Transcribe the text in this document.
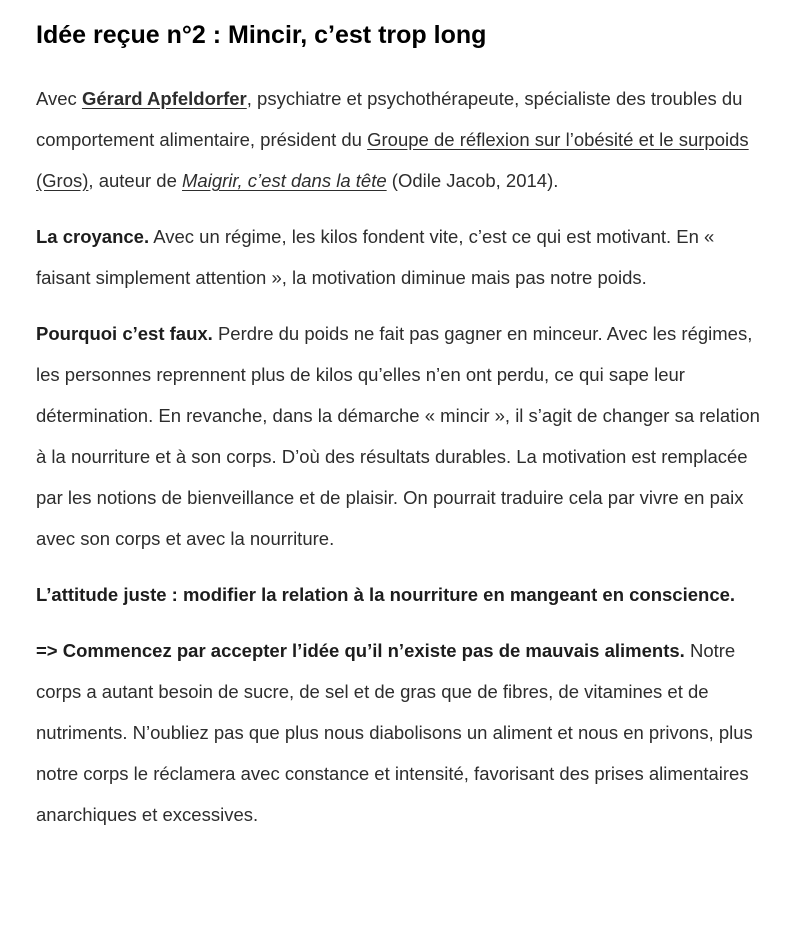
Idée reçue n°2 : Mincir, c’est trop long

Avec Gérard Apfeldorfer, psychiatre et psychothérapeute, spécialiste des troubles du comportement alimentaire, président du Groupe de réflexion sur l’obésité et le surpoids (Gros), auteur de Maigrir, c’est dans la tête (Odile Jacob, 2014).

La croyance. Avec un régime, les kilos fondent vite, c’est ce qui est motivant. En « faisant simplement attention », la motivation diminue mais pas notre poids.

Pourquoi c’est faux. Perdre du poids ne fait pas gagner en minceur. Avec les régimes, les personnes reprennent plus de kilos qu’elles n’en ont perdu, ce qui sape leur détermination. En revanche, dans la démarche « mincir », il s’agit de changer sa relation à la nourriture et à son corps. D’où des résultats durables. La motivation est remplacée par les notions de bienveillance et de plaisir. On pourrait traduire cela par vivre en paix avec son corps et avec la nourriture.

L’attitude juste : modifier la relation à la nourriture en mangeant en conscience.

=> Commencez par accepter l’idée qu’il n’existe pas de mauvais aliments. Notre corps a autant besoin de sucre, de sel et de gras que de fibres, de vitamines et de nutriments. N’oubliez pas que plus nous diabolisons un aliment et nous en privons, plus notre corps le réclamera avec constance et intensité, favorisant des prises alimentaires anarchiques et excessives.
